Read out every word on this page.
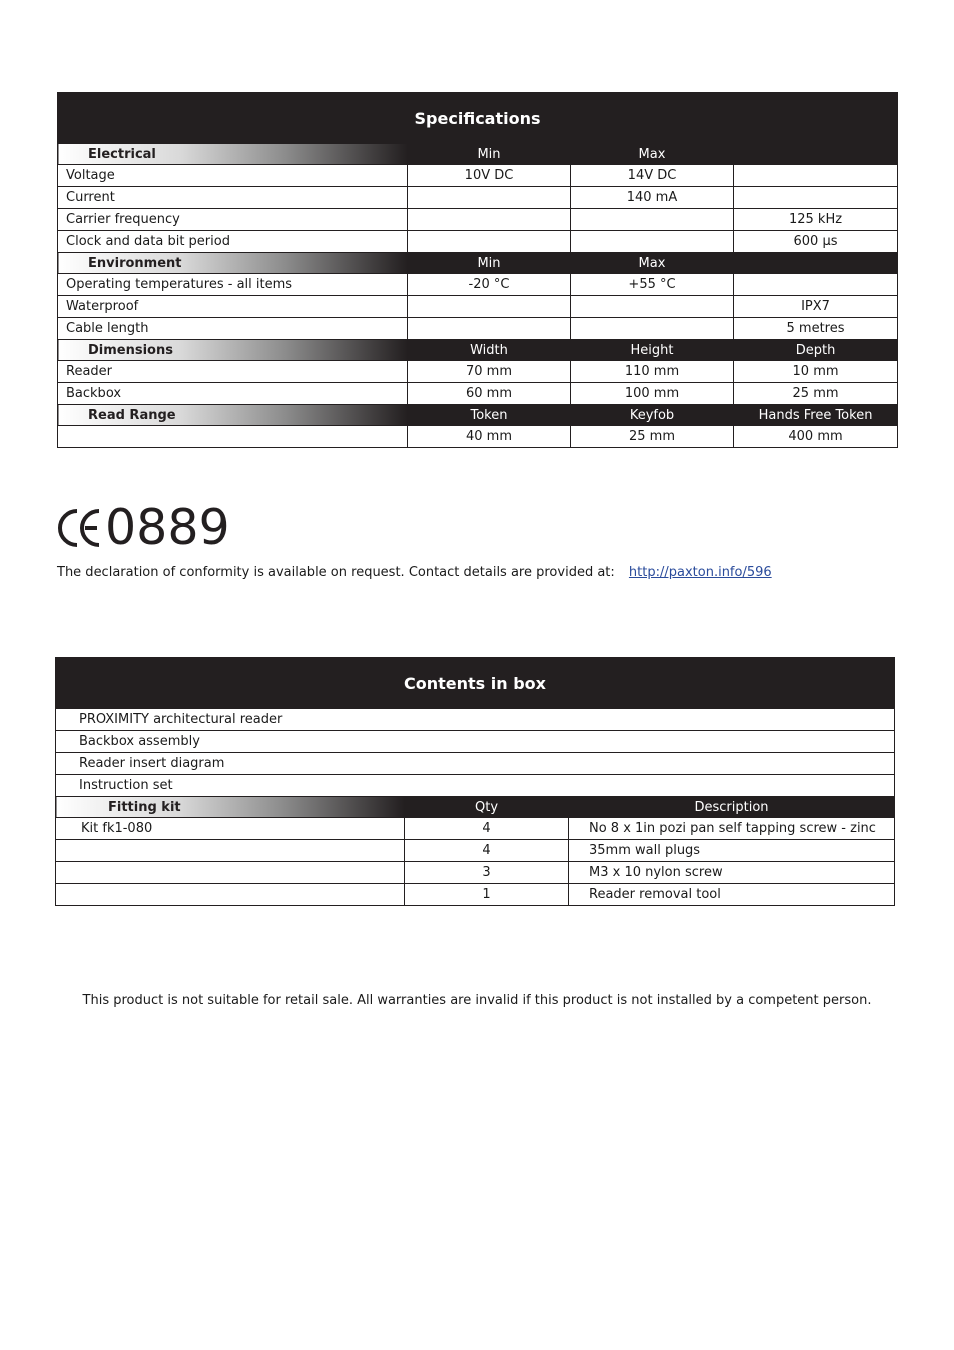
Specifications			
Electrical	Min	Max	
Voltage	10V DC	14V DC	
Current		140 mA	
Carrier frequency			125 kHz
Clock and data bit period			600 µs
Environment	Min	Max	
Operating temperatures - all items	-20 °C	+55 °C	
Waterproof			IPX7
Cable length			5 metres
Dimensions	Width	Height	Depth
Reader	70 mm	110 mm	10 mm
Backbox	60 mm	100 mm	25 mm
Read Range	Token	Keyfob	Hands Free Token
	40 mm	25 mm	400 mm
0889
The declaration of conformity is available on request. Contact details are provided at: http://paxton.info/596
Contents in box		
PROXIMITY architectural reader		
Backbox assembly		
Reader insert diagram		
Instruction set		
Fitting kit	Qty	Description
Kit fk1-080	4	No 8 x 1in pozi pan self tapping screw - zinc
	4	35mm wall plugs
	3	M3 x 10 nylon screw
	1	Reader removal tool
This product is not suitable for retail sale. All warranties are invalid if this product is not installed by a competent person.
